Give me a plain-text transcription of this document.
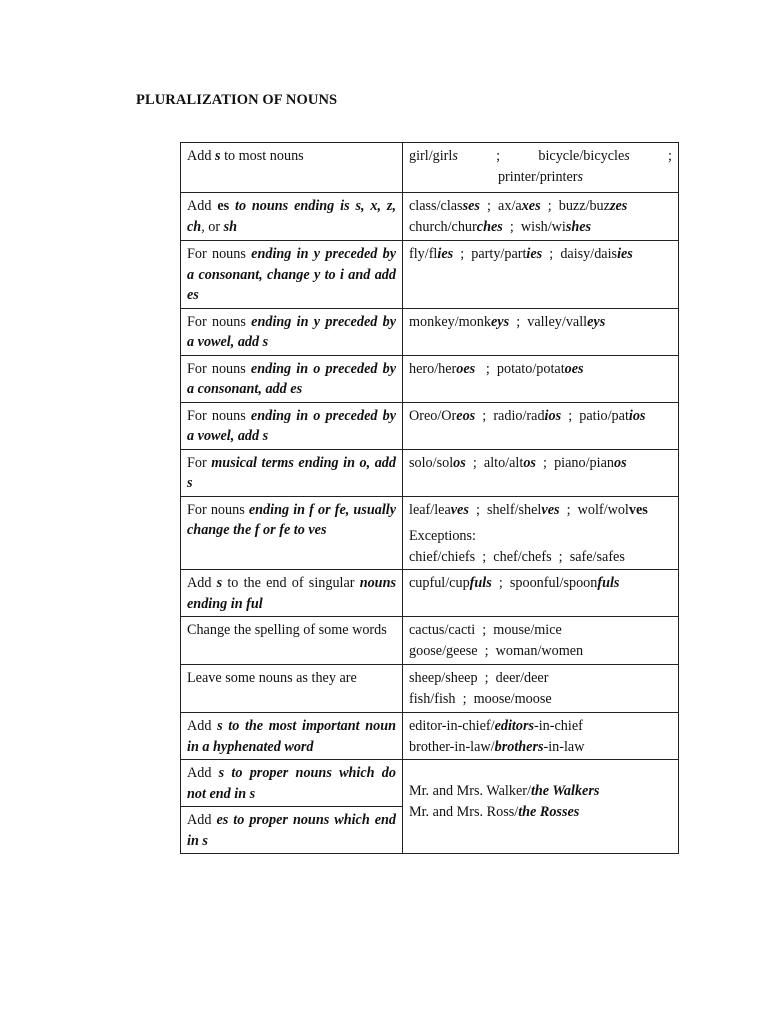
PLURALIZATION OF NOUNS
Add s to most nouns	girl/girls        ;        bicycle/bicycles        ;
printer/printers

Add es to nouns ending is s, x, z, ch, or sh	class/classes  ;  ax/axes  ;  buzz/buzzes
church/churches  ;  wish/wishes

For nouns ending in y preceded by a consonant, change y to i and add es	fly/flies  ;  party/parties  ;  daisy/daisies

For nouns ending in y preceded by a vowel, add s	monkey/monkeys  ;  valley/valleys

For nouns ending in o preceded by a consonant, add es	hero/heroes   ;  potato/potatoes

For nouns ending in o preceded by a vowel, add s	Oreo/Oreos  ;  radio/radios  ;  patio/patios

For musical terms ending in o, add s	solo/solos  ;  alto/altos  ;  piano/pianos

For nouns ending in f or fe, usually change the f or fe to ves	leaf/leaves  ;  shelf/shelves  ;  wolf/wolves
Exceptions:
chief/chiefs  ;  chef/chefs  ;  safe/safes

Add s to the end of singular nouns ending in ful	cupful/cupfuls  ;  spoonful/spoonfuls

Change the spelling of some words	cactus/cacti  ;  mouse/mice
goose/geese  ;  woman/women

Leave some nouns as they are	sheep/sheep  ;  deer/deer
fish/fish  ;  moose/moose

Add s to the most important noun in a hyphenated word	editor-in-chief/editors-in-chief
brother-in-law/brothers-in-law

Add s to proper nouns which do not end in s	Mr. and Mrs. Walker/the Walkers
Mr. and Mrs. Ross/the Rosses

Add es to proper nouns which end in s	
